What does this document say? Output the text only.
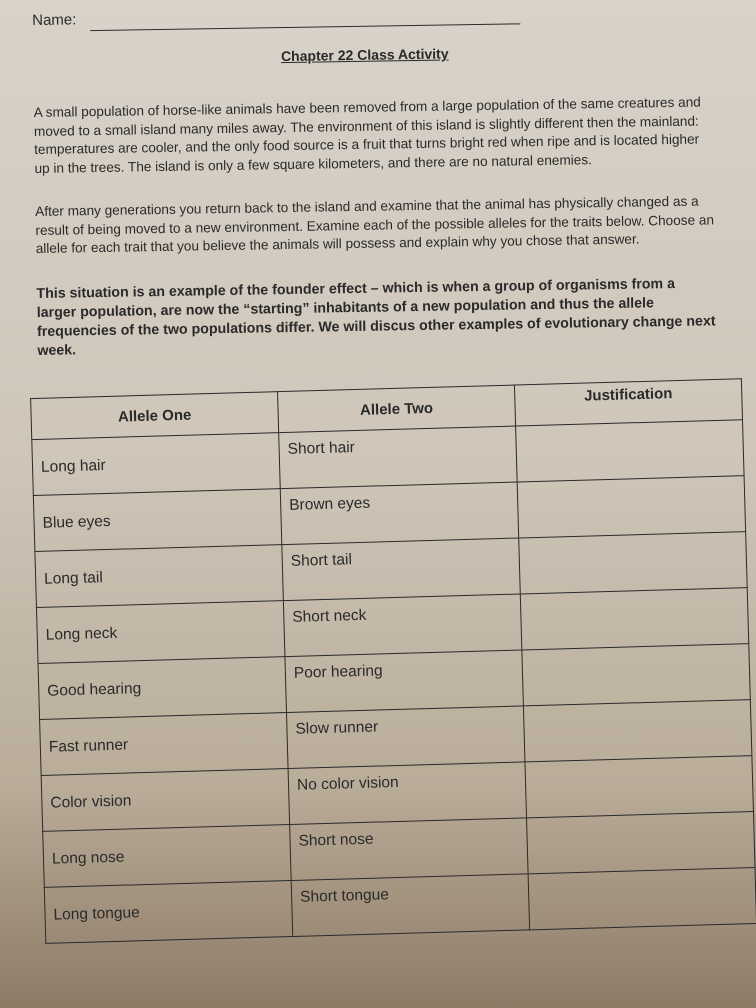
Name:
Chapter 22 Class Activity
A small population of horse-like animals have been removed from a large population of the same creatures and moved to a small island many miles away. The environment of this island is slightly different then the mainland: temperatures are cooler, and the only food source is a fruit that turns bright red when ripe and is located higher up in the trees. The island is only a few square kilometers, and there are no natural enemies.
After many generations you return back to the island and examine that the animal has physically changed as a result of being moved to a new environment. Examine each of the possible alleles for the traits below. Choose an allele for each trait that you believe the animals will possess and explain why you chose that answer.
This situation is an example of the founder effect – which is when a group of organisms from a larger population, are now the “starting” inhabitants of a new population and thus the allele frequencies of the two populations differ. We will discus other examples of evolutionary change next week.
Allele One	Allele Two	Justification
Long hair	Short hair	
Blue eyes	Brown eyes	
Long tail	Short tail	
Long neck	Short neck	
Good hearing	Poor hearing	
Fast runner	Slow runner	
Color vision	No color vision	
Long nose	Short nose	
Long tongue	Short tongue	
